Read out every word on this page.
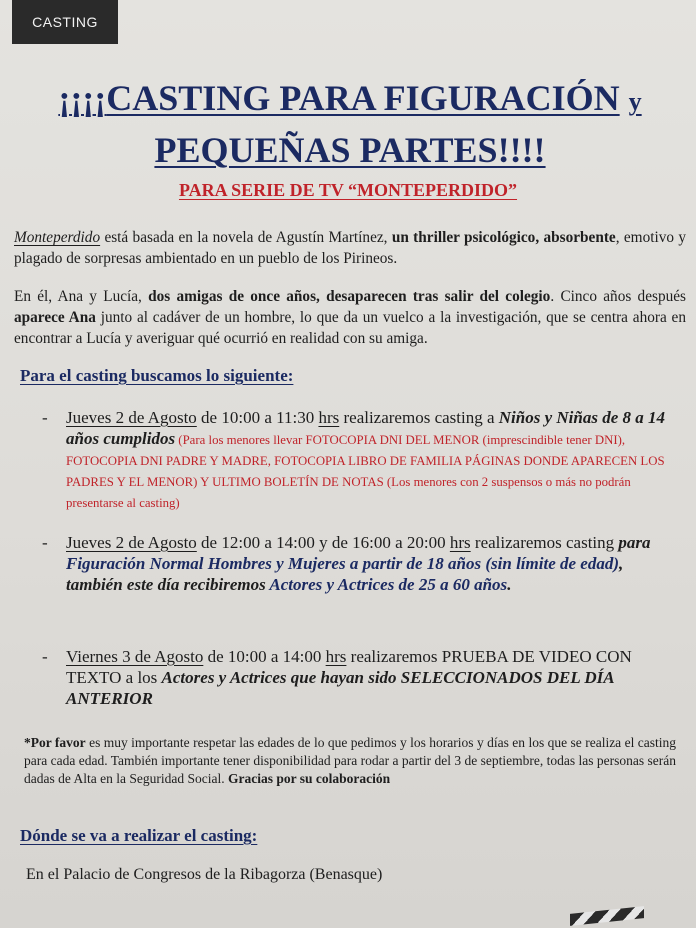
CASTING
¡¡¡¡CASTING PARA FIGURACIÓN y
PEQUEÑAS PARTES!!!!

PARA SERIE DE TV “MONTEPERDIDO”

Monteperdido está basada en la novela de Agustín Martínez, un thriller psicológico, absorbente, emotivo y plagado de sorpresas ambientado en un pueblo de los Pirineos.

En él, Ana y Lucía, dos amigas de once años, desaparecen tras salir del colegio. Cinco años después aparece Ana junto al cadáver de un hombre, lo que da un vuelco a la investigación, que se centra ahora en encontrar a Lucía y averiguar qué ocurrió en realidad con su amiga.

Para el casting buscamos lo siguiente:
- Jueves 2 de Agosto de 10:00 a 11:30 hrs realizaremos casting a Niños y Niñas de 8 a 14 años cumplidos (Para los menores llevar FOTOCOPIA DNI DEL MENOR (imprescindible tener DNI), FOTOCOPIA DNI PADRE Y MADRE, FOTOCOPIA LIBRO DE FAMILIA PÁGINAS DONDE APARECEN LOS PADRES Y EL MENOR) Y ULTIMO BOLETÍN DE NOTAS (Los menores con 2 suspensos o más no podrán presentarse al casting)
- Jueves 2 de Agosto de 12:00 a 14:00 y de 16:00 a 20:00 hrs realizaremos casting para Figuración Normal Hombres y Mujeres a partir de 18 años (sin límite de edad), también este día recibiremos Actores y Actrices de 25 a 60 años.
- Viernes 3 de Agosto de 10:00 a 14:00 hrs realizaremos PRUEBA DE VIDEO CON TEXTO a los Actores y Actrices que hayan sido SELECCIONADOS DEL DÍA ANTERIOR

*Por favor es muy importante respetar las edades de lo que pedimos y los horarios y días en los que se realiza el casting para cada edad. También importante tener disponibilidad para rodar a partir del 3 de septiembre, todas las personas serán dadas de Alta en la Seguridad Social. Gracias por su colaboración

Dónde se va a realizar el casting:

En el Palacio de Congresos de la Ribagorza (Benasque)
